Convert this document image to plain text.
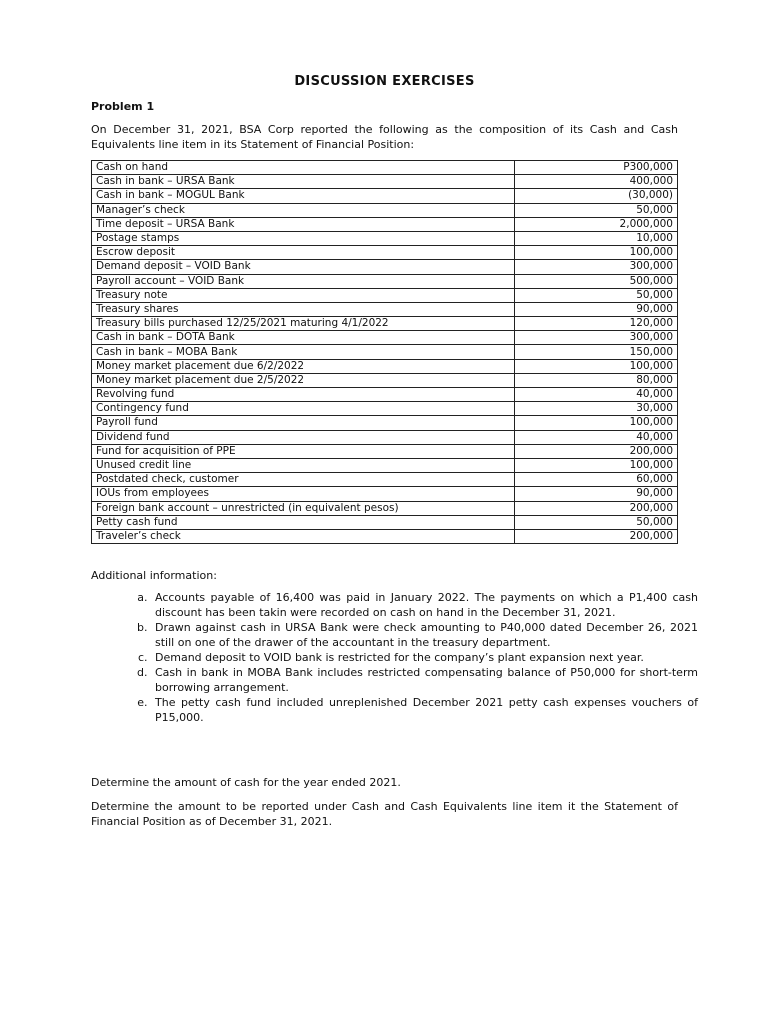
DISCUSSION EXERCISES
Problem 1
On December 31, 2021, BSA Corp reported the following as the composition of its Cash and Cash Equivalents line item in its Statement of Financial Position:
Cash on hand	P300,000
Cash in bank – URSA Bank	400,000
Cash in bank – MOGUL Bank	(30,000)
Manager’s check	50,000
Time deposit – URSA Bank	2,000,000
Postage stamps	10,000
Escrow deposit	100,000
Demand deposit – VOID Bank	300,000
Payroll account – VOID Bank	500,000
Treasury note	50,000
Treasury shares	90,000
Treasury bills purchased 12/25/2021 maturing 4/1/2022	120,000
Cash in bank – DOTA Bank	300,000
Cash in bank – MOBA Bank	150,000
Money market placement due 6/2/2022	100,000
Money market placement due 2/5/2022	80,000
Revolving fund	40,000
Contingency fund	30,000
Payroll fund	100,000
Dividend fund	40,000
Fund for acquisition of PPE	200,000
Unused credit line	100,000
Postdated check, customer	60,000
IOUs from employees	90,000
Foreign bank account – unrestricted (in equivalent pesos)	200,000
Petty cash fund	50,000
Traveler’s check	200,000
Additional information:
a. Accounts payable of 16,400 was paid in January 2022. The payments on which a P1,400 cash discount has been takin were recorded on cash on hand in the December 31, 2021.
b. Drawn against cash in URSA Bank were check amounting to P40,000 dated December 26, 2021 still on one of the drawer of the accountant in the treasury department.
c. Demand deposit to VOID bank is restricted for the company’s plant expansion next year.
d. Cash in bank in MOBA Bank includes restricted compensating balance of P50,000 for short-term borrowing arrangement.
e. The petty cash fund included unreplenished December 2021 petty cash expenses vouchers of P15,000.
Determine the amount of cash for the year ended 2021.
Determine the amount to be reported under Cash and Cash Equivalents line item it the Statement of Financial Position as of December 31, 2021.
